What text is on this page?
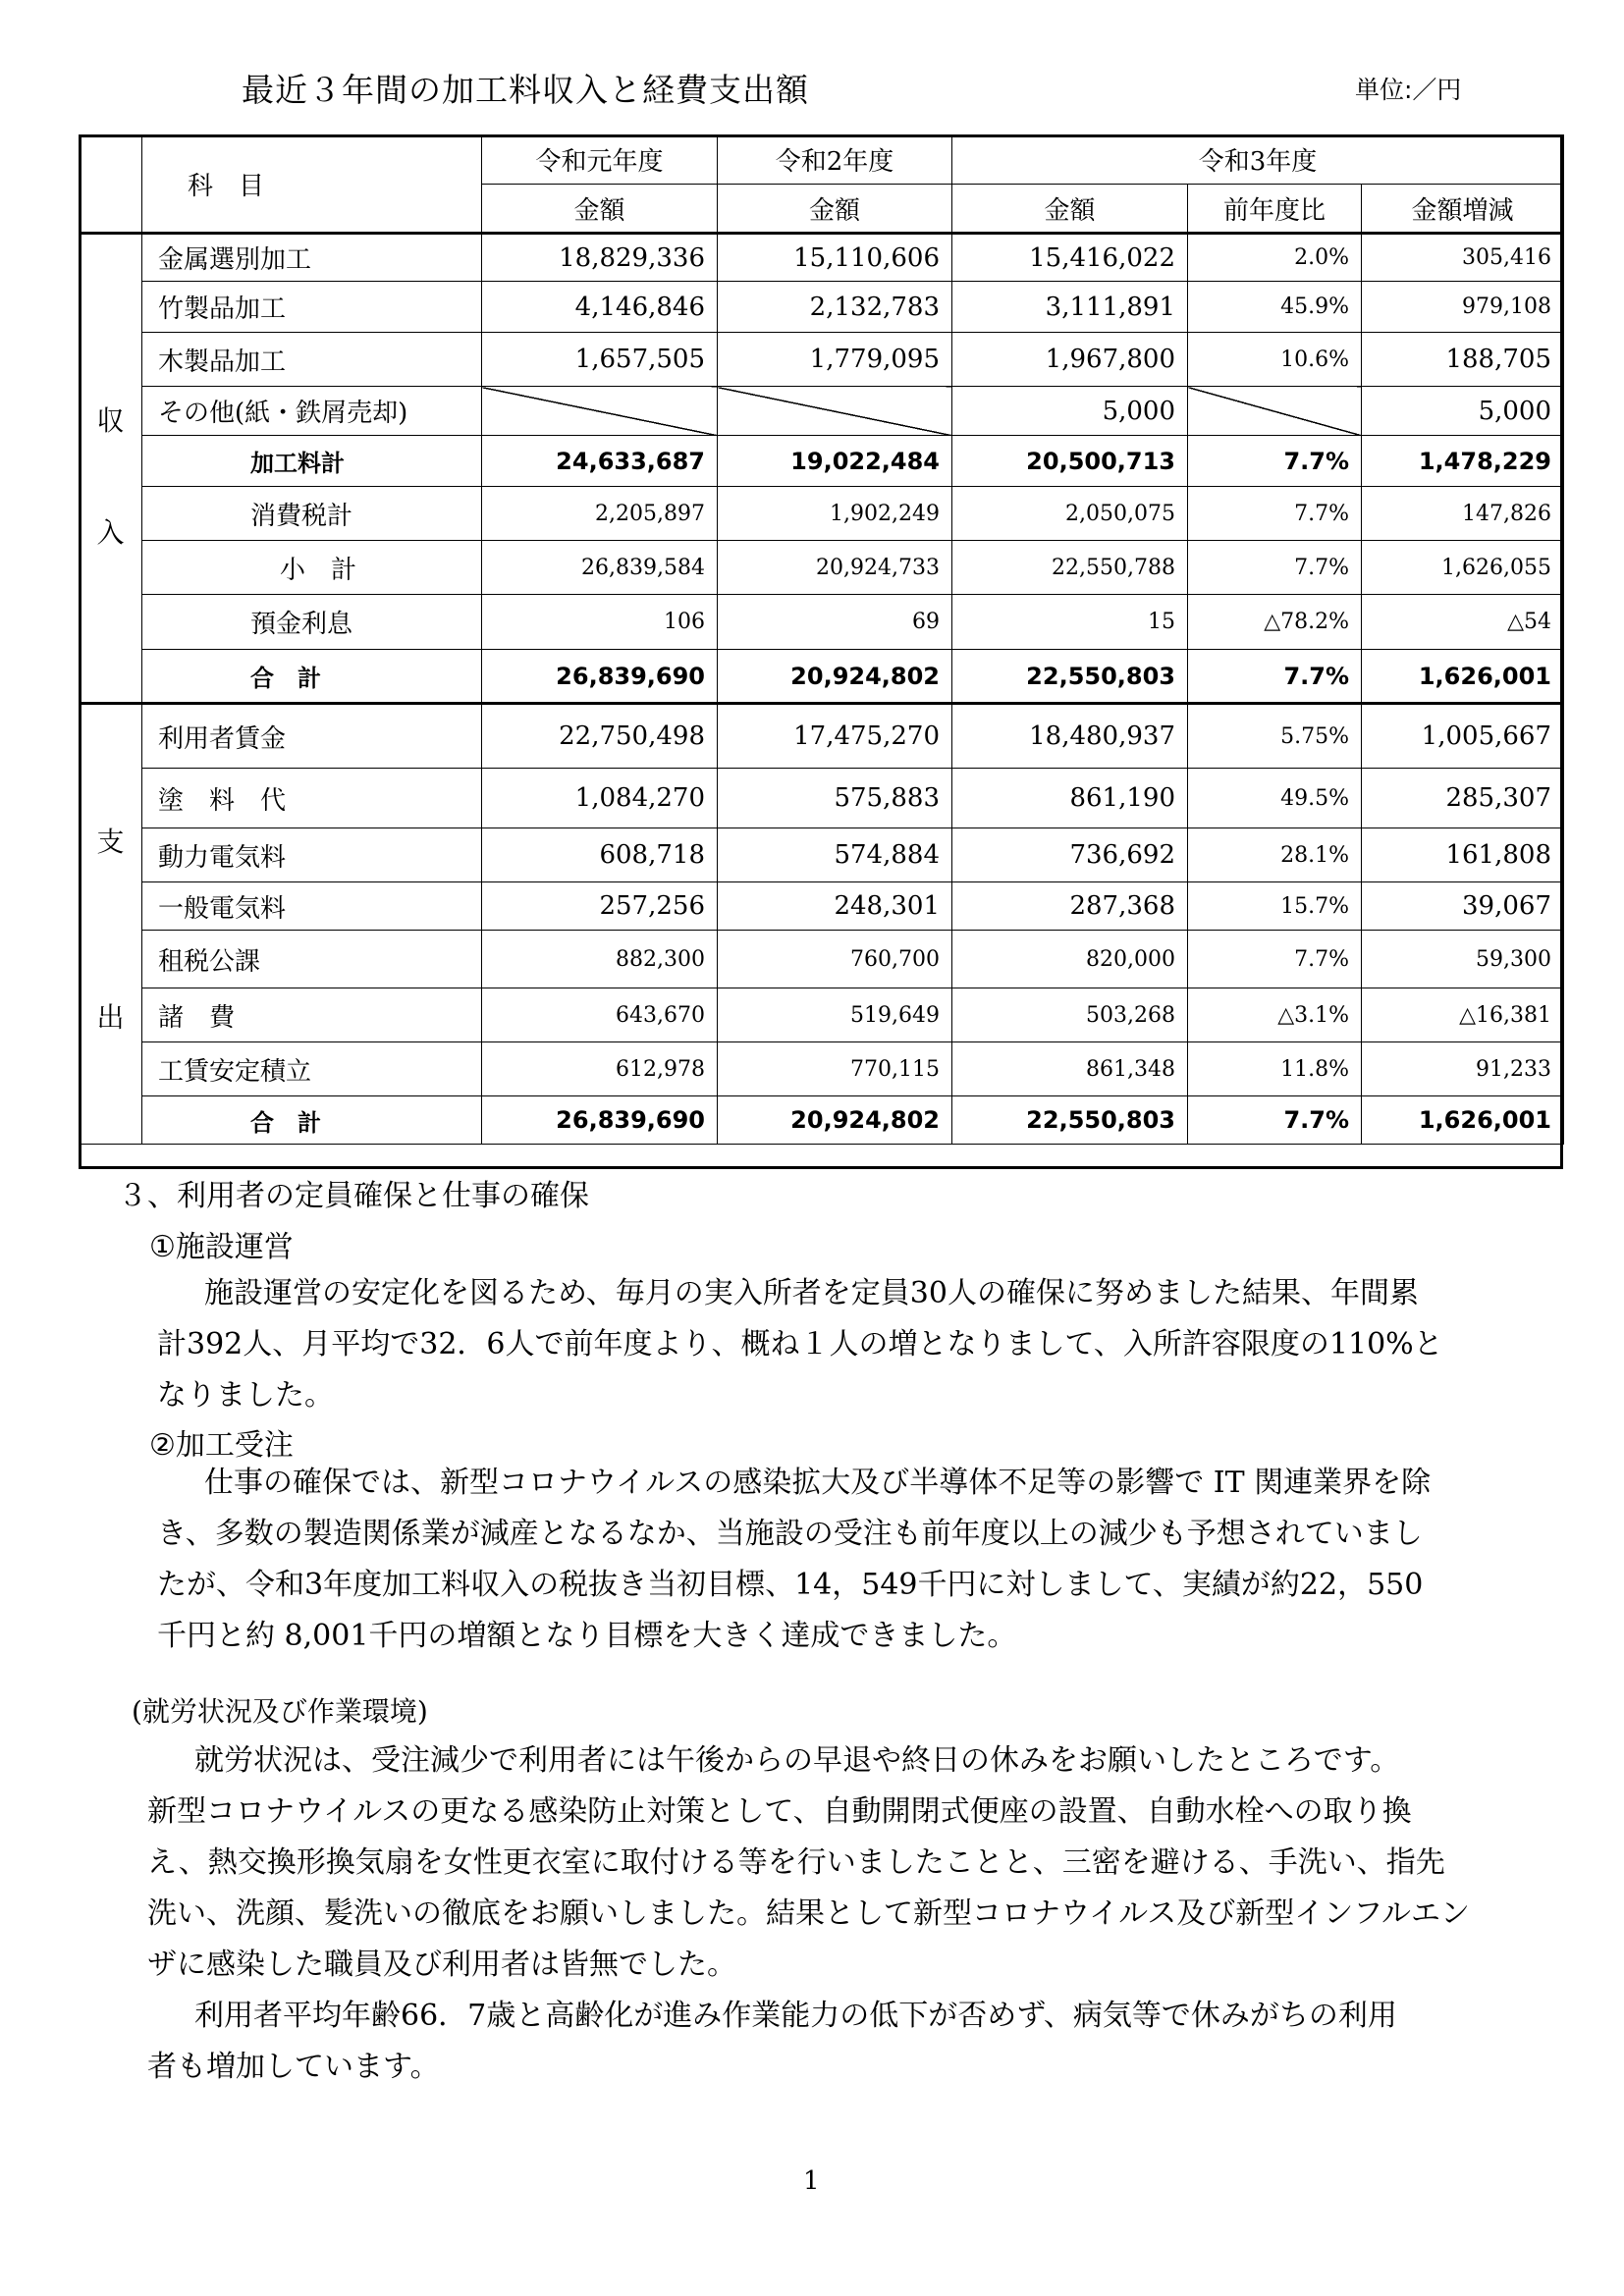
最近３年間の加工料収入と経費支出額	単位:／円
	科　目	令和元年度	令和2年度	令和3年度		
		金額	金額	金額	前年度比	金額増減

収
入	金属選別加工	18,829,336	15,110,606	15,416,022	2.0%	305,416
	竹製品加工	4,146,846	2,132,783	3,111,891	45.9%	979,108
	木製品加工	1,657,505	1,779,095	1,967,800	10.6%	188,705
	その他(紙・鉄屑売却)			5,000		5,000
	加工料計	24,633,687	19,022,484	20,500,713	7.7%	1,478,229
	消費税計	2,205,897	1,902,249	2,050,075	7.7%	147,826
	小　計	26,839,584	20,924,733	22,550,788	7.7%	1,626,055
	預金利息	106	69	15	△78.2%	△54
	合　計	26,839,690	20,924,802	22,550,803	7.7%	1,626,001

支
出	利用者賃金	22,750,498	17,475,270	18,480,937	5.75%	1,005,667
	塗　料　代	1,084,270	575,883	861,190	49.5%	285,307
	動力電気料	608,718	574,884	736,692	28.1%	161,808
	一般電気料	257,256	248,301	287,368	15.7%	39,067
	租税公課	882,300	760,700	820,000	7.7%	59,300
	諸　費	643,670	519,649	503,268	△3.1%	△16,381
	工賃安定積立	612,978	770,115	861,348	11.8%	91,233
	合　計	26,839,690	20,924,802	22,550,803	7.7%	1,626,001
３、利用者の定員確保と仕事の確保
①施設運営
施設運営の安定化を図るため、毎月の実入所者を定員30人の確保に努めました結果、年間累
計392人、月平均で32．6人で前年度より、概ね１人の増となりまして、入所許容限度の110%と
なりました。
②加工受注
仕事の確保では、新型コロナウイルスの感染拡大及び半導体不足等の影響で IT 関連業界を除
き、多数の製造関係業が減産となるなか、当施設の受注も前年度以上の減少も予想されていまし
たが、令和3年度加工料収入の税抜き当初目標、14，549千円に対しまして、実績が約22，550
千円と約 8,001千円の増額となり目標を大きく達成できました。
(就労状況及び作業環境)
就労状況は、受注減少で利用者には午後からの早退や終日の休みをお願いしたところです。
新型コロナウイルスの更なる感染防止対策として、自動開閉式便座の設置、自動水栓への取り換
え、熱交換形換気扇を女性更衣室に取付ける等を行いましたことと、三密を避ける、手洗い、指先
洗い、洗顔、髪洗いの徹底をお願いしました。結果として新型コロナウイルス及び新型インフルエン
ザに感染した職員及び利用者は皆無でした。
利用者平均年齢66．7歳と高齢化が進み作業能力の低下が否めず、病気等で休みがちの利用
者も増加しています。
1
